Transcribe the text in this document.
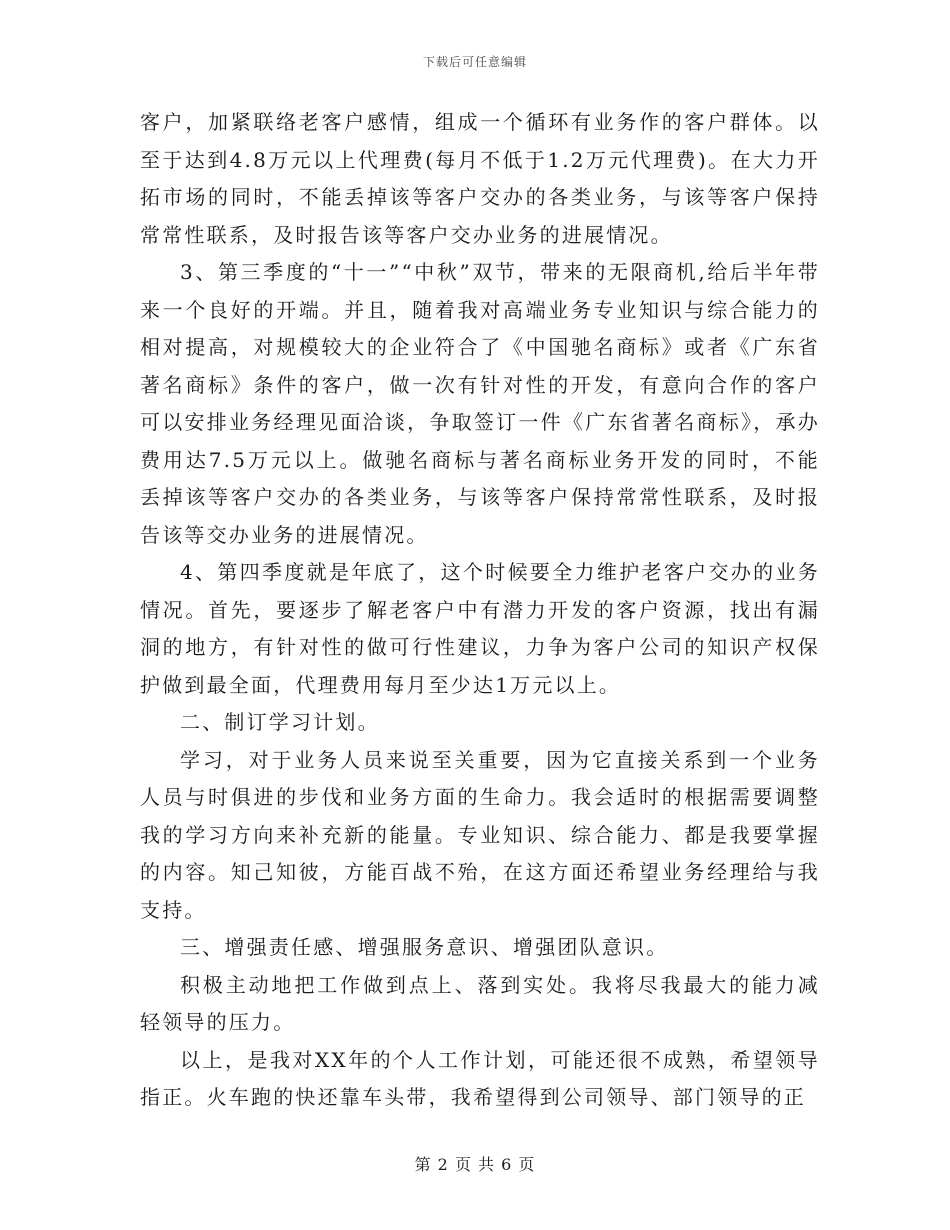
下载后可任意编辑

客户，加紧联络老客户感情，组成一个循环有业务作的客户群体。以至于达到4.8万元以上代理费(每月不低于1.2万元代理费)。在大力开拓市场的同时，不能丢掉该等客户交办的各类业务，与该等客户保持常常性联系，及时报告该等客户交办业务的进展情况。

3、第三季度的“十一”“中秋”双节，带来的无限商机,给后半年带来一个良好的开端。并且，随着我对高端业务专业知识与综合能力的相对提高，对规模较大的企业符合了《中国驰名商标》或者《广东省著名商标》条件的客户，做一次有针对性的开发，有意向合作的客户可以安排业务经理见面洽谈，争取签订一件《广东省著名商标》，承办费用达7.5万元以上。做驰名商标与著名商标业务开发的同时，不能丢掉该等客户交办的各类业务，与该等客户保持常常性联系，及时报告该等交办业务的进展情况。

4、第四季度就是年底了，这个时候要全力维护老客户交办的业务情况。首先，要逐步了解老客户中有潜力开发的客户资源，找出有漏洞的地方，有针对性的做可行性建议，力争为客户公司的知识产权保护做到最全面，代理费用每月至少达1万元以上。

二、制订学习计划。

学习，对于业务人员来说至关重要，因为它直接关系到一个业务人员与时俱进的步伐和业务方面的生命力。我会适时的根据需要调整我的学习方向来补充新的能量。专业知识、综合能力、都是我要掌握的内容。知己知彼，方能百战不殆，在这方面还希望业务经理给与我支持。

三、增强责任感、增强服务意识、增强团队意识。

积极主动地把工作做到点上、落到实处。我将尽我最大的能力减轻领导的压力。

以上，是我对XX年的个人工作计划，可能还很不成熟，希望领导指正。火车跑的快还靠车头带，我希望得到公司领导、部门领导的正

第 2 页 共 6 页
